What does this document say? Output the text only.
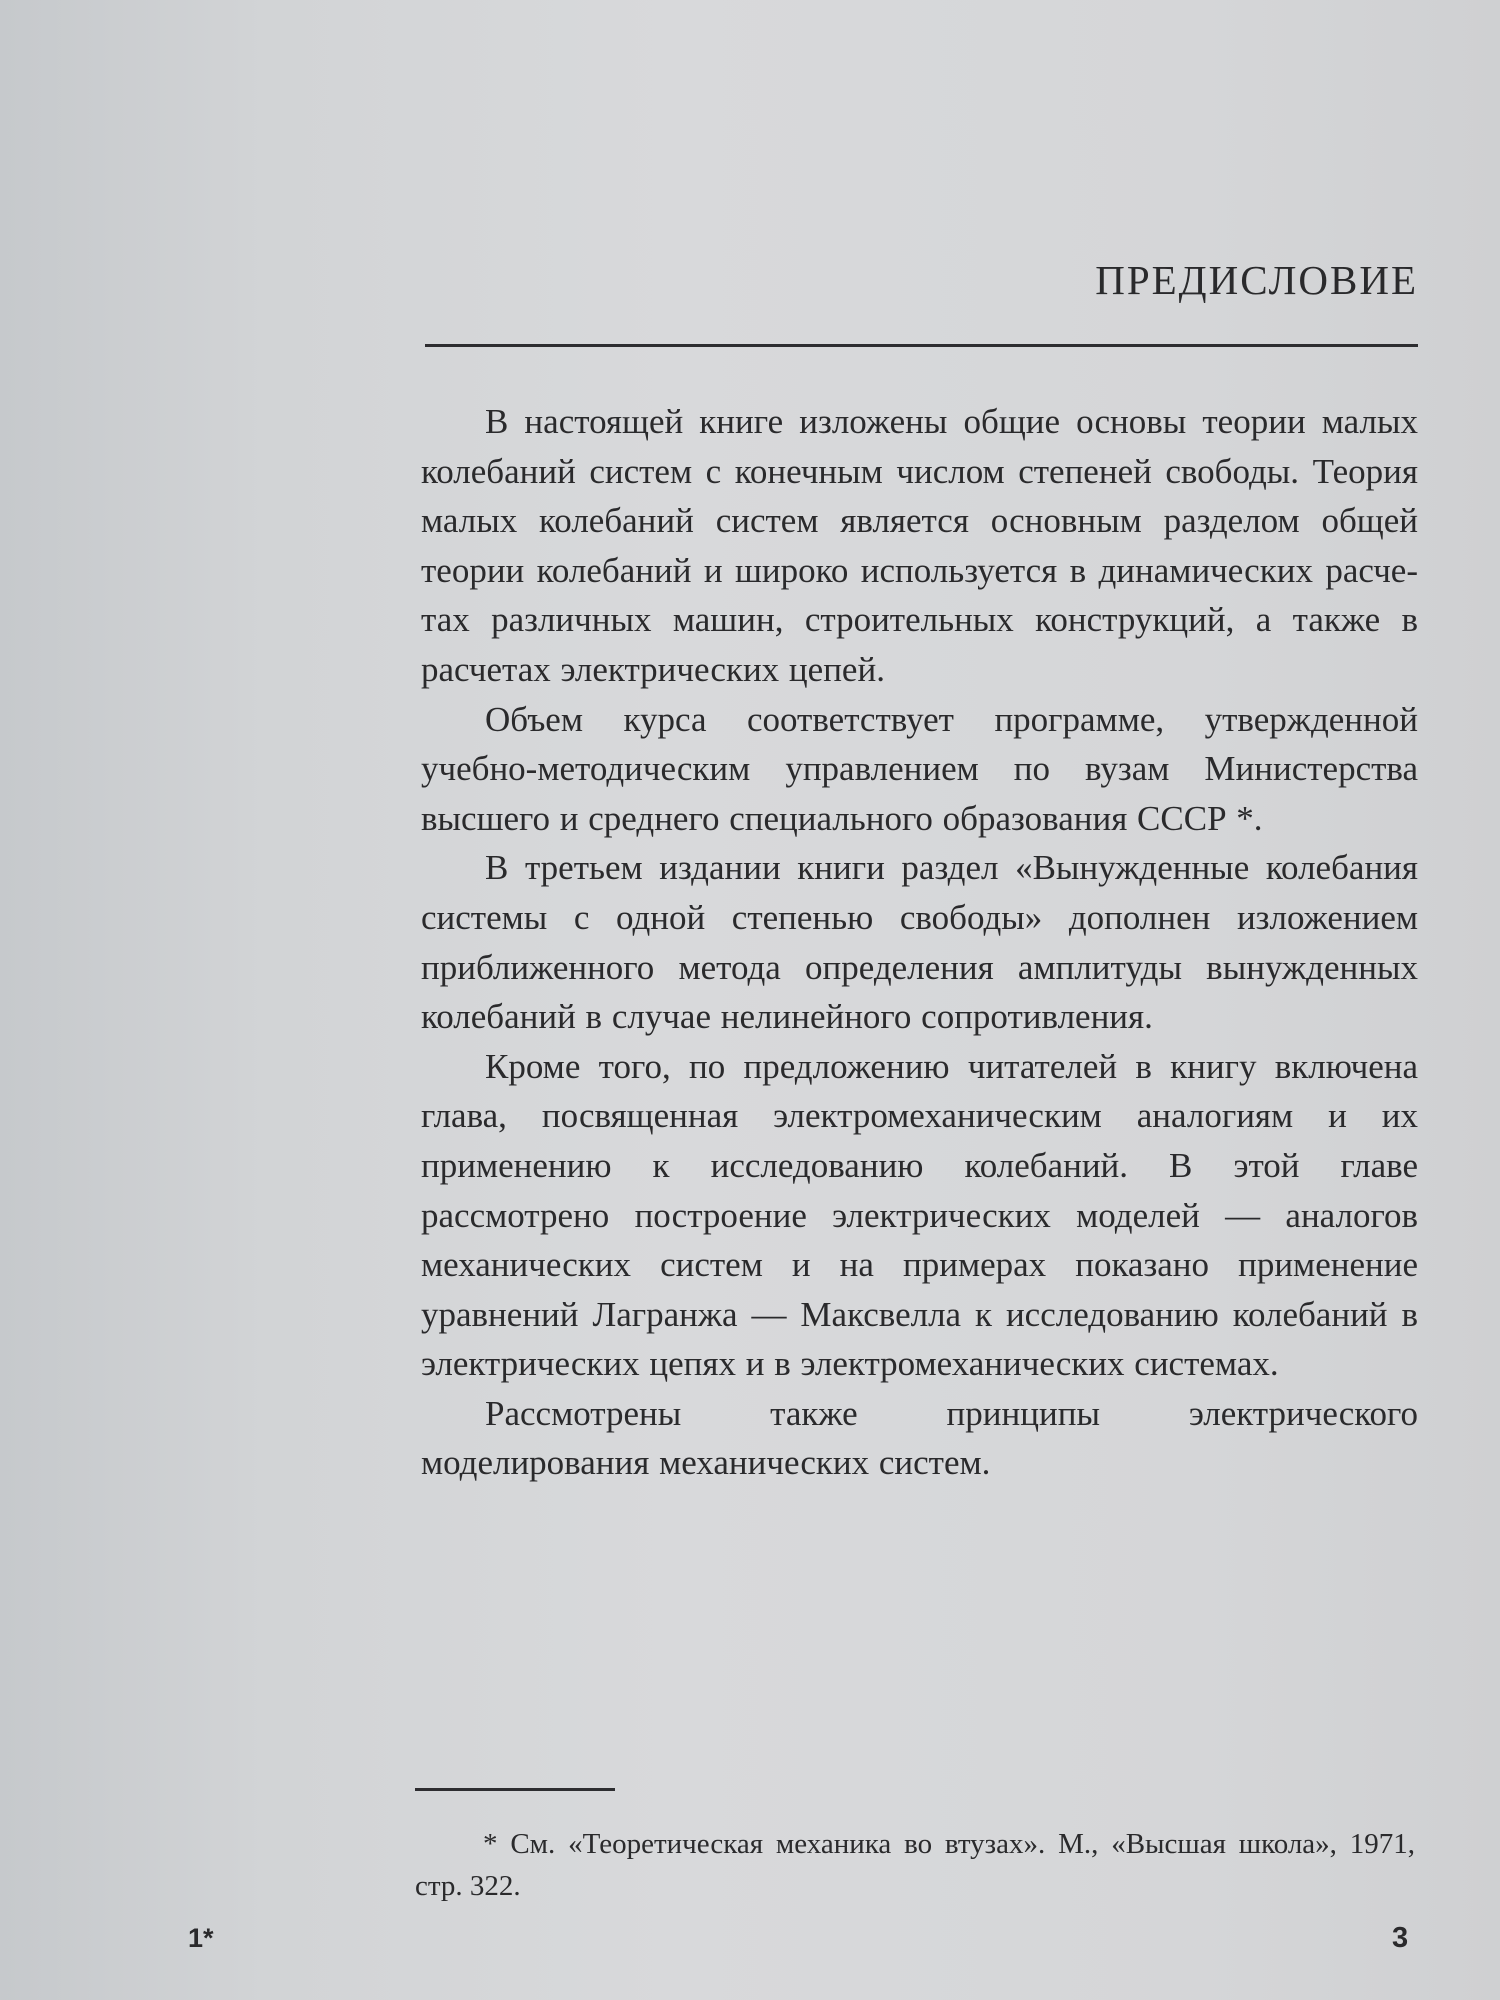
ПРЕДИСЛОВИЕ

В настоящей книге изложены общие основы теории малых колебаний систем с конечным числом степеней свободы. Теория малых колебаний систем является основным разделом общей теории колебаний и широко используется в динамических расчетах различных машин, строительных конструкций, а также в расчетах электрических цепей.

Объем курса соответствует программе, утвержденной учебно-методическим управлением по вузам Министерства высшего и среднего специального образования СССР *.

В третьем издании книги раздел «Вынужденные колебания системы с одной степенью свободы» дополнен изложением приближенного метода определения амплитуды вынужденных колебаний в случае нелинейного сопротивления.

Кроме того, по предложению читателей в книгу включена глава, посвященная электромеханическим аналогиям и их применению к исследованию колебаний. В этой главе рассмотрено построение электрических моделей — аналогов механических систем и на примерах показано применение уравнений Лагранжа — Максвелла к исследованию колебаний в электрических цепях и в электромеханических системах.

Рассмотрены также принципы электрического моделирования механических систем.

* См. «Теоретическая механика во втузах». М., «Высшая школа», 1971, стр. 322.

1*	3
